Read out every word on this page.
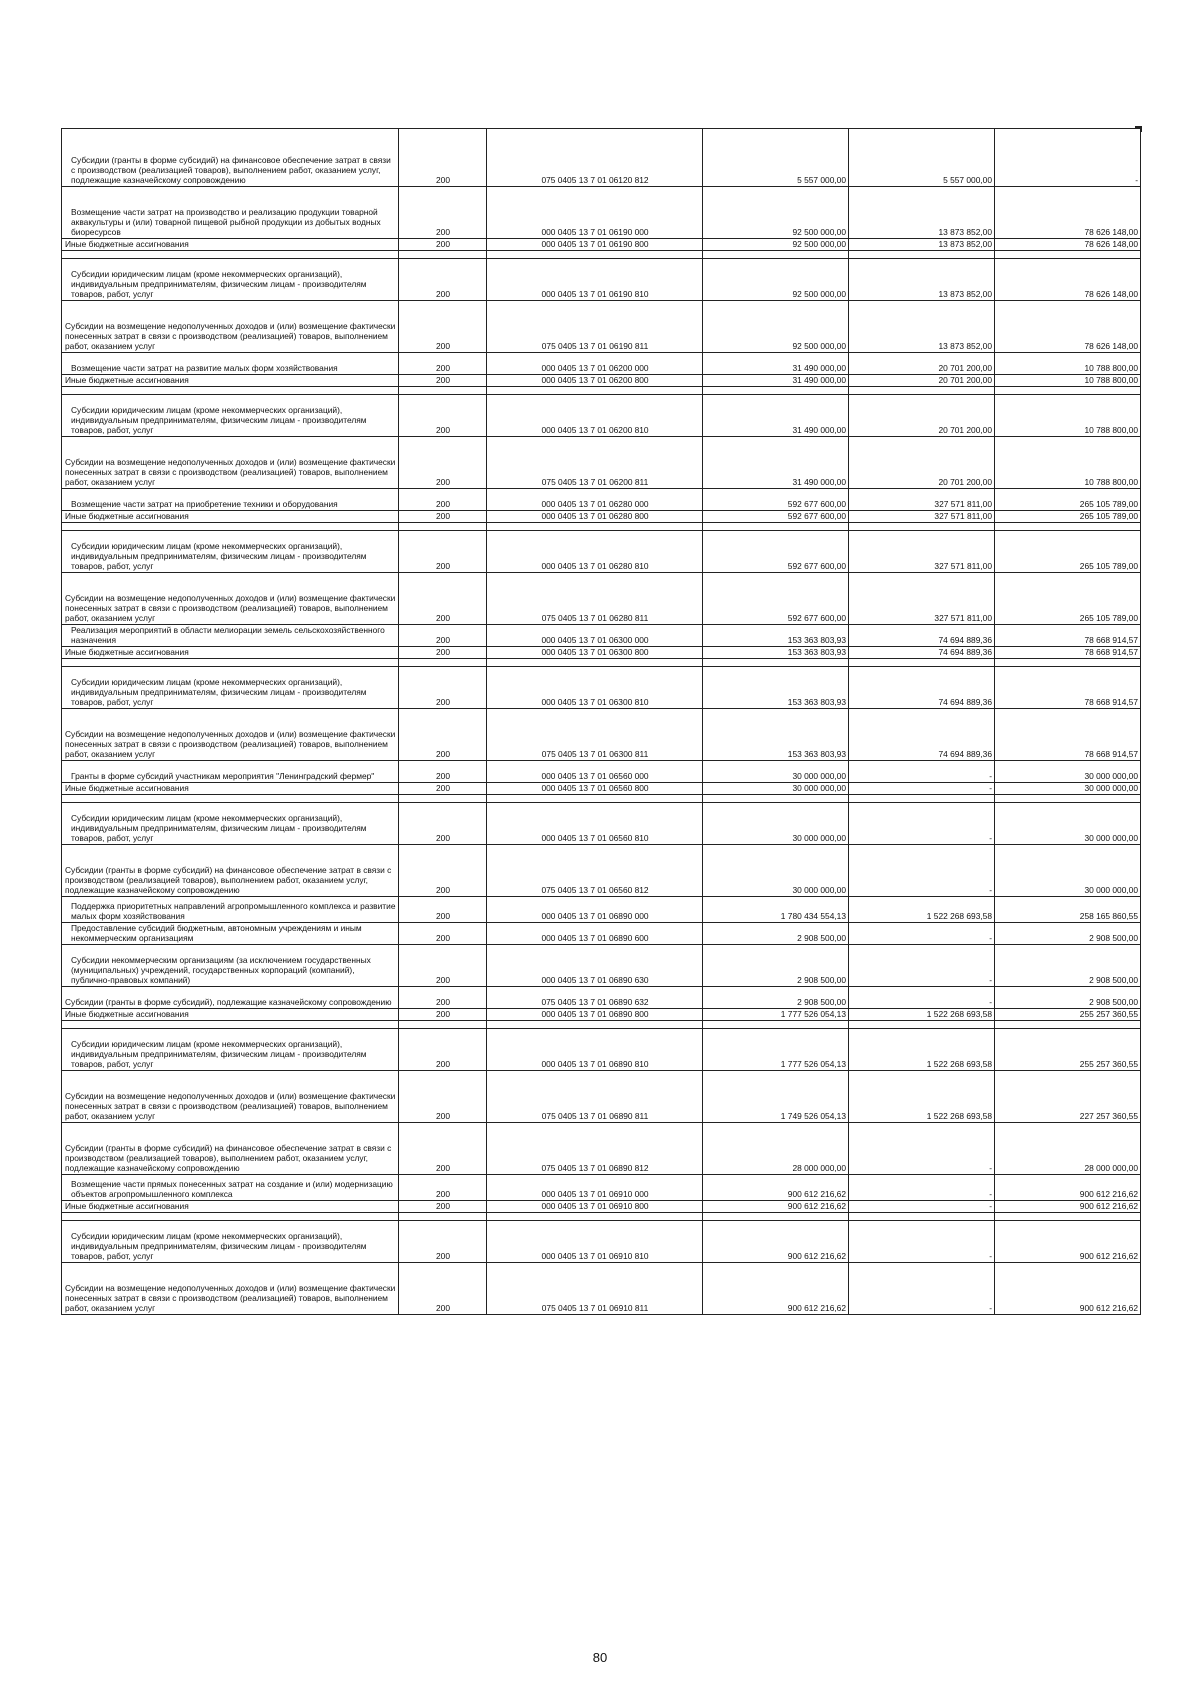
Субсидии (гранты в форме субсидий) на финансовое обеспечение затрат в связи с производством (реализацией товаров), выполнением работ, оказанием услуг, подлежащие казначейскому сопровождению	200	075 0405 13 7 01 06120 812	5 557 000,00	5 557 000,00	-
Возмещение части затрат на производство и реализацию продукции товарной аквакультуры и (или) товарной пищевой рыбной продукции из добытых водных биоресурсов	200	000 0405 13 7 01 06190 000	92 500 000,00	13 873 852,00	78 626 148,00
Иные бюджетные ассигнования	200	000 0405 13 7 01 06190 800	92 500 000,00	13 873 852,00	78 626 148,00

Субсидии юридическим лицам (кроме некоммерческих организаций), индивидуальным предпринимателям, физическим лицам - производителям товаров, работ, услуг	200	000 0405 13 7 01 06190 810	92 500 000,00	13 873 852,00	78 626 148,00
Субсидии на возмещение недополученных доходов и (или) возмещение фактически понесенных затрат в связи с производством (реализацией) товаров, выполнением работ, оказанием услуг	200	075 0405 13 7 01 06190 811	92 500 000,00	13 873 852,00	78 626 148,00
Возмещение части затрат на развитие малых форм хозяйствования	200	000 0405 13 7 01 06200 000	31 490 000,00	20 701 200,00	10 788 800,00
Иные бюджетные ассигнования	200	000 0405 13 7 01 06200 800	31 490 000,00	20 701 200,00	10 788 800,00

Субсидии юридическим лицам (кроме некоммерческих организаций), индивидуальным предпринимателям, физическим лицам - производителям товаров, работ, услуг	200	000 0405 13 7 01 06200 810	31 490 000,00	20 701 200,00	10 788 800,00
Субсидии на возмещение недополученных доходов и (или) возмещение фактически понесенных затрат в связи с производством (реализацией) товаров, выполнением работ, оказанием услуг	200	075 0405 13 7 01 06200 811	31 490 000,00	20 701 200,00	10 788 800,00
Возмещение части затрат на приобретение техники и оборудования	200	000 0405 13 7 01 06280 000	592 677 600,00	327 571 811,00	265 105 789,00
Иные бюджетные ассигнования	200	000 0405 13 7 01 06280 800	592 677 600,00	327 571 811,00	265 105 789,00

Субсидии юридическим лицам (кроме некоммерческих организаций), индивидуальным предпринимателям, физическим лицам - производителям товаров, работ, услуг	200	000 0405 13 7 01 06280 810	592 677 600,00	327 571 811,00	265 105 789,00
Субсидии на возмещение недополученных доходов и (или) возмещение фактически понесенных затрат в связи с производством (реализацией) товаров, выполнением работ, оказанием услуг	200	075 0405 13 7 01 06280 811	592 677 600,00	327 571 811,00	265 105 789,00
Реализация мероприятий в области мелиорации земель сельскохозяйственного назначения	200	000 0405 13 7 01 06300 000	153 363 803,93	74 694 889,36	78 668 914,57
Иные бюджетные ассигнования	200	000 0405 13 7 01 06300 800	153 363 803,93	74 694 889,36	78 668 914,57

Субсидии юридическим лицам (кроме некоммерческих организаций), индивидуальным предпринимателям, физическим лицам - производителям товаров, работ, услуг	200	000 0405 13 7 01 06300 810	153 363 803,93	74 694 889,36	78 668 914,57
Субсидии на возмещение недополученных доходов и (или) возмещение фактически понесенных затрат в связи с производством (реализацией) товаров, выполнением работ, оказанием услуг	200	075 0405 13 7 01 06300 811	153 363 803,93	74 694 889,36	78 668 914,57
Гранты в форме субсидий участникам мероприятия "Ленинградский фермер"	200	000 0405 13 7 01 06560 000	30 000 000,00	-	30 000 000,00
Иные бюджетные ассигнования	200	000 0405 13 7 01 06560 800	30 000 000,00	-	30 000 000,00

Субсидии юридическим лицам (кроме некоммерческих организаций), индивидуальным предпринимателям, физическим лицам - производителям товаров, работ, услуг	200	000 0405 13 7 01 06560 810	30 000 000,00	-	30 000 000,00
Субсидии (гранты в форме субсидий) на финансовое обеспечение затрат в связи с производством (реализацией товаров), выполнением работ, оказанием услуг, подлежащие казначейскому сопровождению	200	075 0405 13 7 01 06560 812	30 000 000,00	-	30 000 000,00
Поддержка приоритетных направлений агропромышленного комплекса и развитие малых форм хозяйствования	200	000 0405 13 7 01 06890 000	1 780 434 554,13	1 522 268 693,58	258 165 860,55
Предоставление субсидий бюджетным, автономным учреждениям и иным некоммерческим организациям	200	000 0405 13 7 01 06890 600	2 908 500,00	-	2 908 500,00
Субсидии некоммерческим организациям (за исключением государственных (муниципальных) учреждений, государственных корпораций (компаний), публично-правовых компаний)	200	000 0405 13 7 01 06890 630	2 908 500,00	-	2 908 500,00
Субсидии (гранты в форме субсидий), подлежащие казначейскому сопровождению	200	075 0405 13 7 01 06890 632	2 908 500,00	-	2 908 500,00
Иные бюджетные ассигнования	200	000 0405 13 7 01 06890 800	1 777 526 054,13	1 522 268 693,58	255 257 360,55

Субсидии юридическим лицам (кроме некоммерческих организаций), индивидуальным предпринимателям, физическим лицам - производителям товаров, работ, услуг	200	000 0405 13 7 01 06890 810	1 777 526 054,13	1 522 268 693,58	255 257 360,55
Субсидии на возмещение недополученных доходов и (или) возмещение фактически понесенных затрат в связи с производством (реализацией) товаров, выполнением работ, оказанием услуг	200	075 0405 13 7 01 06890 811	1 749 526 054,13	1 522 268 693,58	227 257 360,55
Субсидии (гранты в форме субсидий) на финансовое обеспечение затрат в связи с производством (реализацией товаров), выполнением работ, оказанием услуг, подлежащие казначейскому сопровождению	200	075 0405 13 7 01 06890 812	28 000 000,00	-	28 000 000,00
Возмещение части прямых понесенных затрат на создание и (или) модернизацию объектов агропромышленного комплекса	200	000 0405 13 7 01 06910 000	900 612 216,62	-	900 612 216,62
Иные бюджетные ассигнования	200	000 0405 13 7 01 06910 800	900 612 216,62	-	900 612 216,62

Субсидии юридическим лицам (кроме некоммерческих организаций), индивидуальным предпринимателям, физическим лицам - производителям товаров, работ, услуг	200	000 0405 13 7 01 06910 810	900 612 216,62	-	900 612 216,62
Субсидии на возмещение недополученных доходов и (или) возмещение фактически понесенных затрат в связи с производством (реализацией) товаров, выполнением работ, оказанием услуг	200	075 0405 13 7 01 06910 811	900 612 216,62	-	900 612 216,62
80
